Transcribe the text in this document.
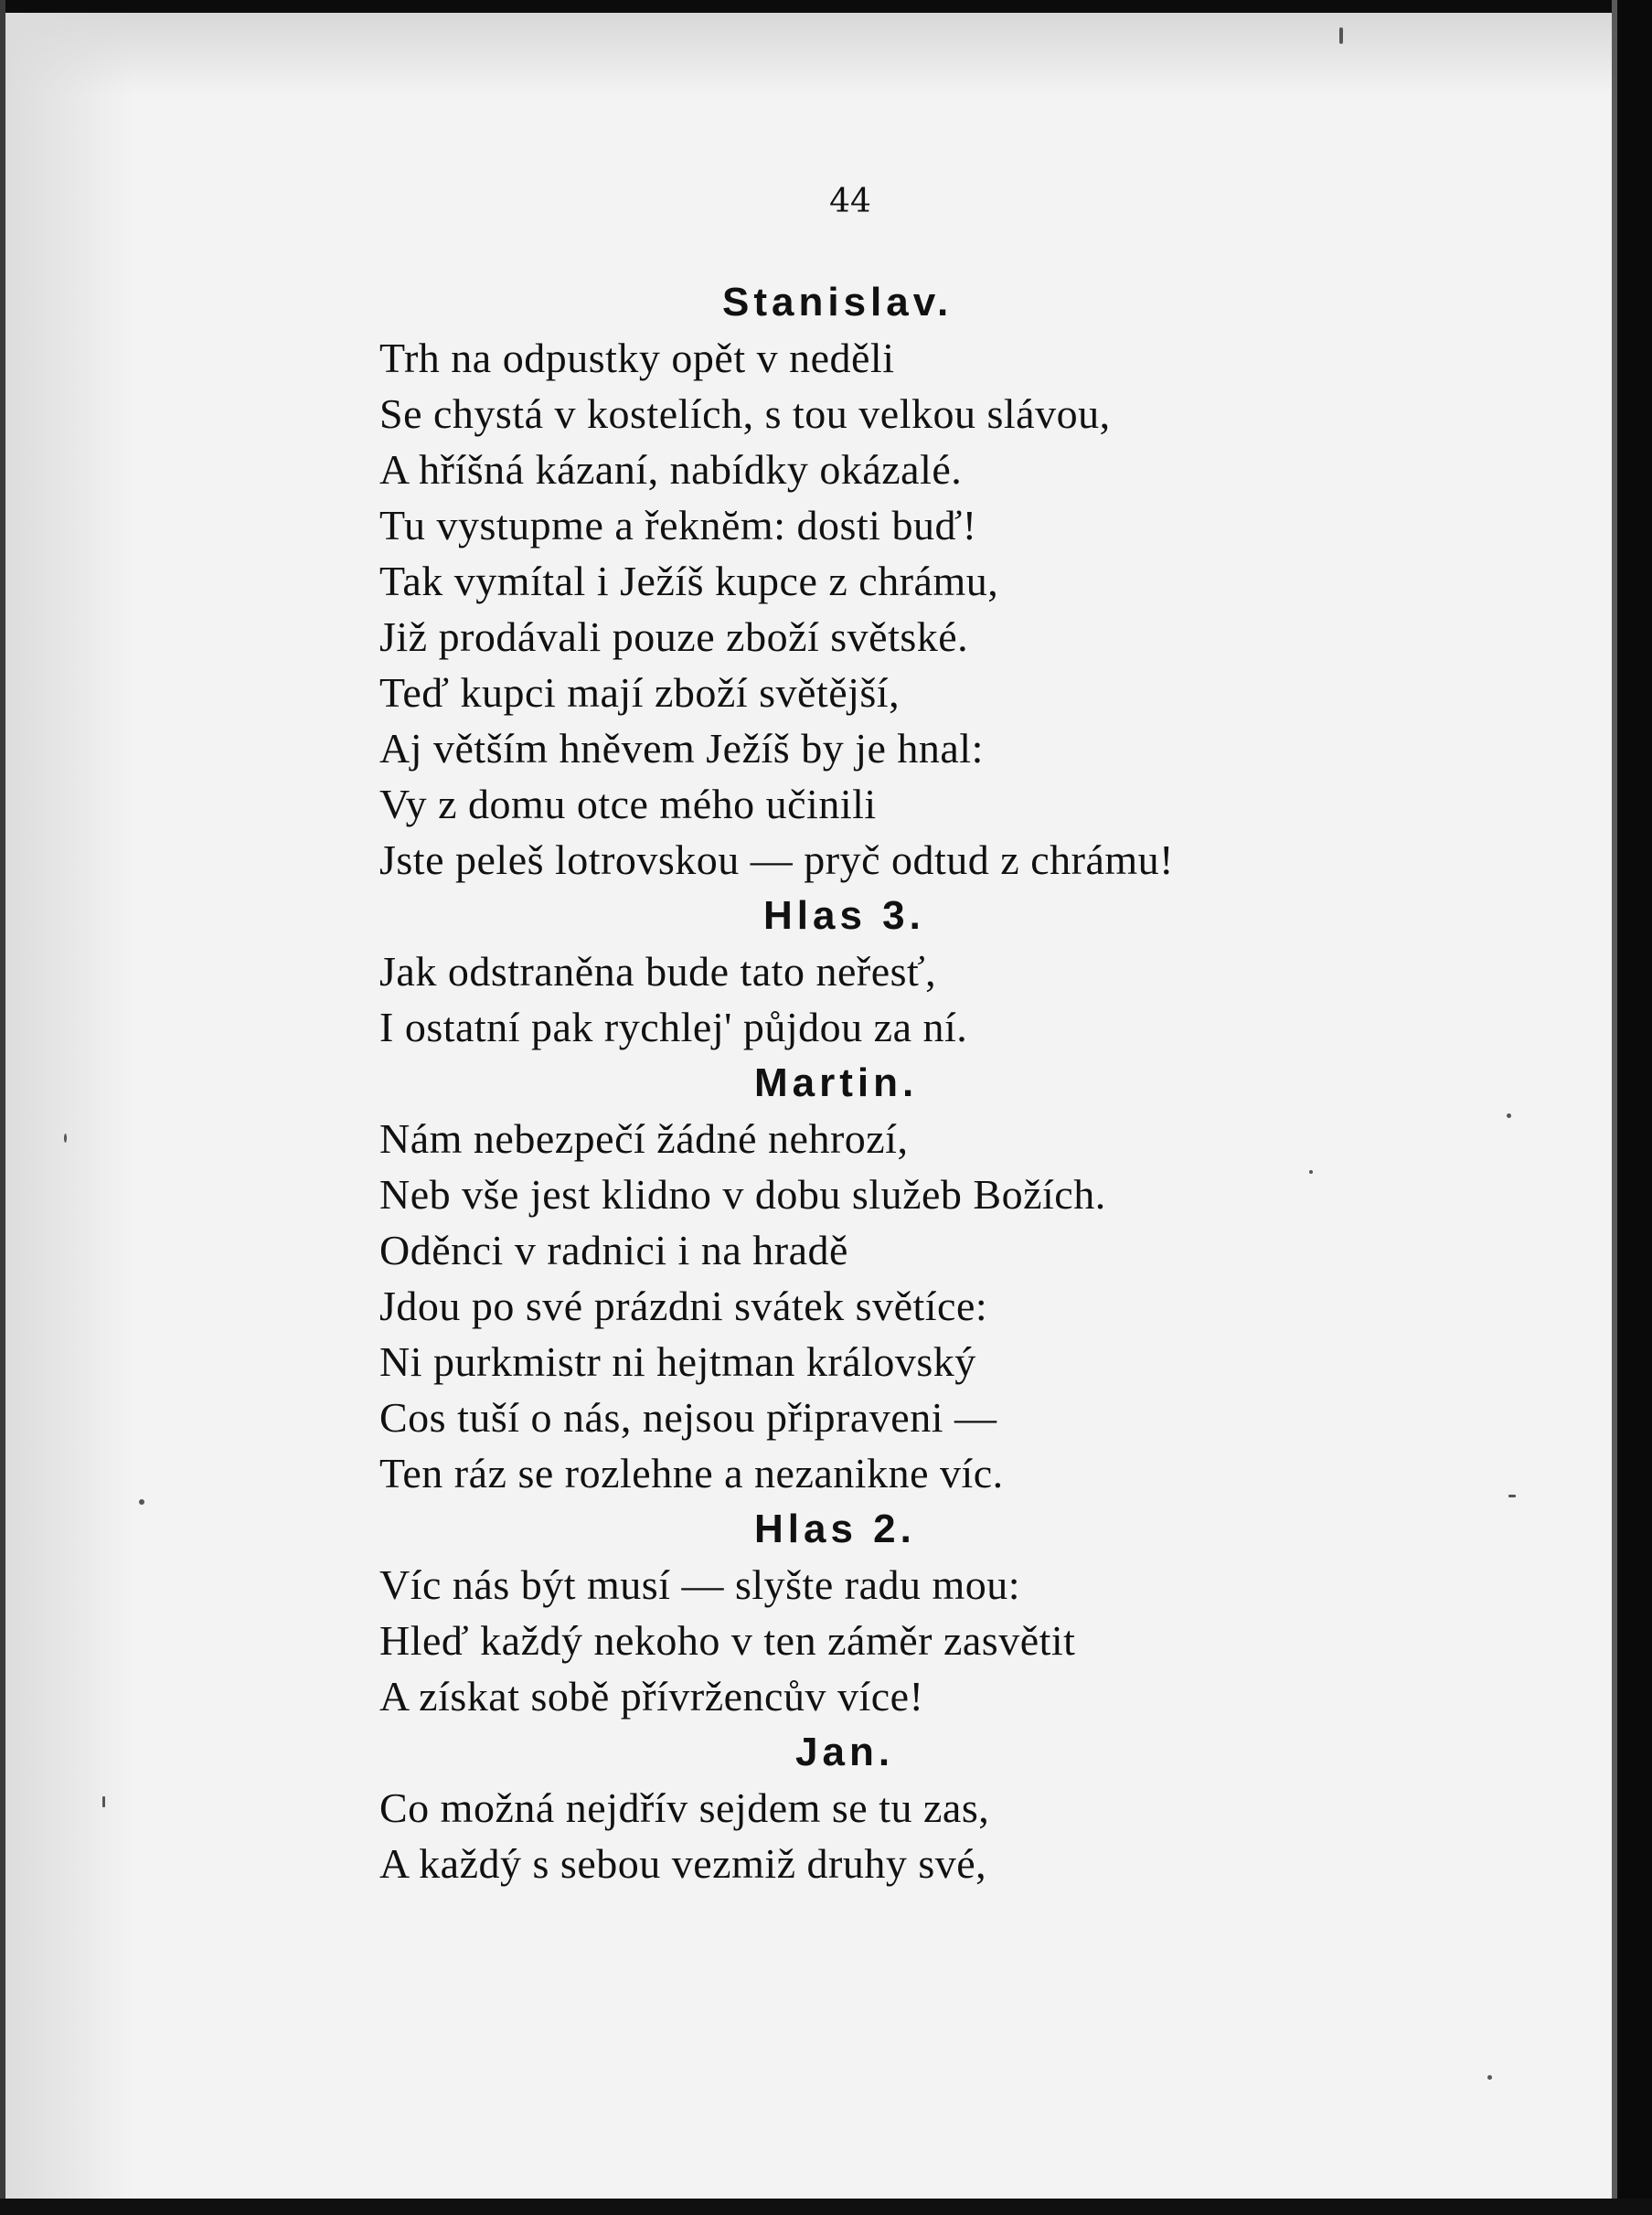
44
Stanislav.
Trh na odpustky opět v neděli
Se chystá v kostelích, s tou velkou slávou,
A hříšná kázaní, nabídky okázalé.
Tu vystupme a řeknĕm: dosti buď!
Tak vymítal i Ježíš kupce z chrámu,
Již prodávali pouze zboží světské.
Teď kupci mají zboží světější,
Aj větším hněvem Ježíš by je hnal:
Vy z domu otce mého učinili
Jste peleš lotrovskou — pryč odtud z chrámu!
Hlas 3.
Jak odstraněna bude tato neřesť,
I ostatní pak rychlej' půjdou za ní.
Martin.
Nám nebezpečí žádné nehrozí,
Neb vše jest klidno v dobu služeb Božích.
Oděnci v radnici i na hradě
Jdou po své prázdni svátek světíce:
Ni purkmistr ni hejtman královský
Cos tuší o nás, nejsou připraveni —
Ten ráz se rozlehne a nezanikne víc.
Hlas 2.
Víc nás být musí — slyšte radu mou:
Hleď každý nekoho v ten záměr zasvětit
A získat sobě přívržencův více!
Jan.
Co možná nejdřív sejdem se tu zas,
A každý s sebou vezmiž druhy své,
